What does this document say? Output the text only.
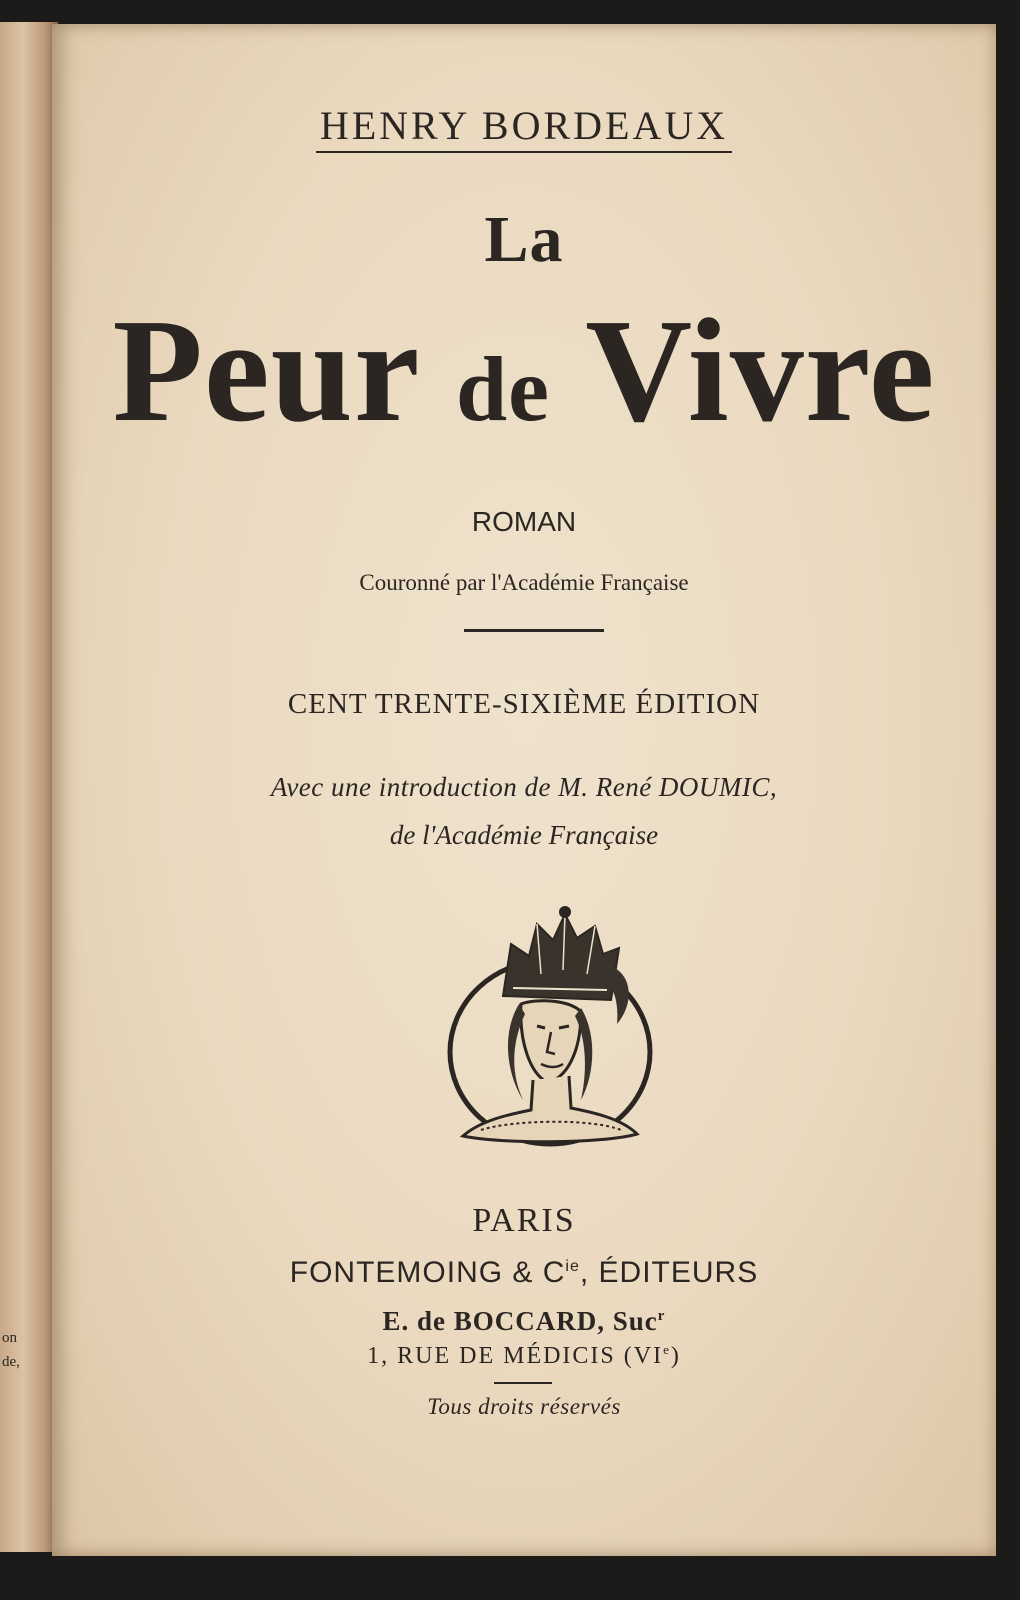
on
de,
HENRY BORDEAUX
La
Peur de Vivre
ROMAN
Couronné par l'Académie Française
CENT TRENTE-SIXIÈME ÉDITION
Avec une introduction de M. René DOUMIC,
de l'Académie Française
PARIS
FONTEMOING & $C^{ie}$, ÉDITEURS
E. de BOCCARD, Suc$^r$
1, RUE DE MÉDICIS (VIe)
Tous droits réservés
